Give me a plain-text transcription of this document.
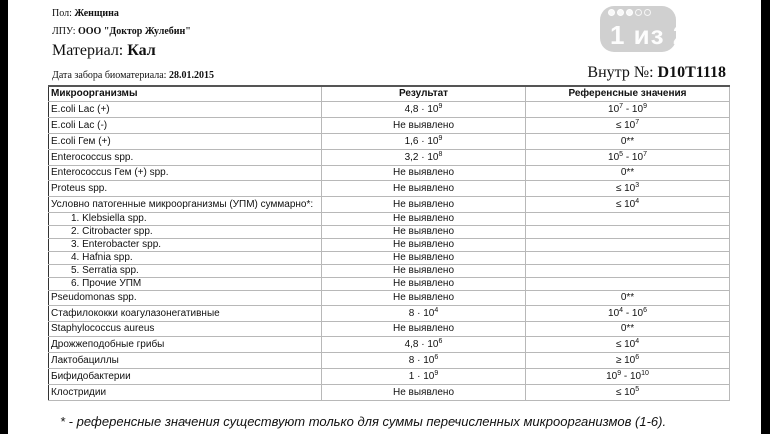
Пол: Женщина
ЛПУ: ООО "Доктор Жулебин"
Материал: Кал
Дата забора биоматериала: 28.01.2015	Внутр №: D10T1118
Микроорганизмы	Результат	Референсные значения
E.coli Lac (+)	$4,8 \cdot 10^9$	$10^7 - 10^9$
E.coli Lac (-)	Не выявлено	≤ $10^7$
E.coli Гем (+)	$1,6 \cdot 10^9$	0**
Enterococcus spp.	$3,2 \cdot 10^8$	$10^5 - 10^7$
Enterococcus Гем (+) spp.	Не выявлено	0**
Proteus spp.	Не выявлено	≤ $10^3$
Условно патогенные микроорганизмы (УПМ) суммарно*:	Не выявлено	≤ $10^4$
1. Klebsiella spp.	Не выявлено	
2. Citrobacter spp.	Не выявлено	
3. Enterobacter spp.	Не выявлено	
4. Hafnia spp.	Не выявлено	
5. Serratia spp.	Не выявлено	
6. Прочие УПМ	Не выявлено	
Pseudomonas spp.	Не выявлено	0**
Стафилококки коагулазонегативные	$8 \cdot 10^4$	$10^4 - 10^6$
Staphylococcus aureus	Не выявлено	0**
Дрожжеподобные грибы	$4,8 \cdot 10^6$	≤ $10^4$
Лактобациллы	$8 \cdot 10^6$	≥ $10^6$
Бифидобактерии	$1 \cdot 10^9$	$10^9 - 10^{10}$
Клостридии	Не выявлено	≤ $10^5$
* - референсные значения существуют только для суммы перечисленных микроорганизмов (1-6).
1 из 2
